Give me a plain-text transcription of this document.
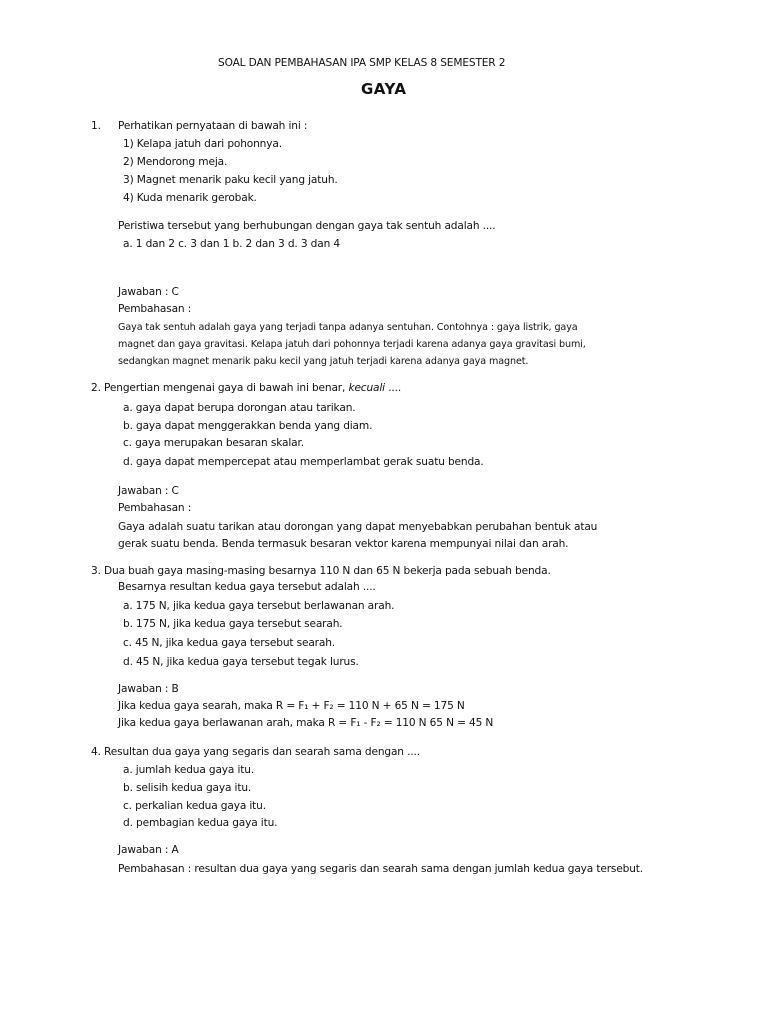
SOAL DAN PEMBAHASAN IPA SMP KELAS 8 SEMESTER 2
GAYA
1. Perhatikan pernyataan di bawah ini :
1) Kelapa jatuh dari pohonnya.
2) Mendorong meja.
3) Magnet menarik paku kecil yang jatuh.
4) Kuda menarik gerobak.
Peristiwa tersebut yang berhubungan dengan gaya tak sentuh adalah ....
a. 1 dan 2 c. 3 dan 1 b. 2 dan 3 d. 3 dan 4
Jawaban : C
Pembahasan :
Gaya tak sentuh adalah gaya yang terjadi tanpa adanya sentuhan. Contohnya : gaya listrik, gaya
magnet dan gaya gravitasi. Kelapa jatuh dari pohonnya terjadi karena adanya gaya gravitasi bumi,
sedangkan magnet menarik paku kecil yang jatuh terjadi karena adanya gaya magnet.
2. Pengertian mengenai gaya di bawah ini benar, kecuali ....
a. gaya dapat berupa dorongan atau tarikan.
b. gaya dapat menggerakkan benda yang diam.
c. gaya merupakan besaran skalar.
d. gaya dapat mempercepat atau memperlambat gerak suatu benda.
Jawaban : C
Pembahasan :
Gaya adalah suatu tarikan atau dorongan yang dapat menyebabkan perubahan bentuk atau
gerak suatu benda. Benda termasuk besaran vektor karena mempunyai nilai dan arah.
3. Dua buah gaya masing-masing besarnya 110 N dan 65 N bekerja pada sebuah benda.
Besarnya resultan kedua gaya tersebut adalah ....
a. 175 N, jika kedua gaya tersebut berlawanan arah.
b. 175 N, jika kedua gaya tersebut searah.
c. 45 N, jika kedua gaya tersebut searah.
d. 45 N, jika kedua gaya tersebut tegak lurus.
Jawaban : B
Jika kedua gaya searah, maka R = F₁ + F₂ = 110 N + 65 N = 175 N
Jika kedua gaya berlawanan arah, maka R = F₁ - F₂ = 110 N 65 N = 45 N
4. Resultan dua gaya yang segaris dan searah sama dengan ....
a. jumlah kedua gaya itu.
b. selisih kedua gaya itu.
c. perkalian kedua gaya itu.
d. pembagian kedua gaya itu.
Jawaban : A
Pembahasan : resultan dua gaya yang segaris dan searah sama dengan jumlah kedua gaya tersebut.
